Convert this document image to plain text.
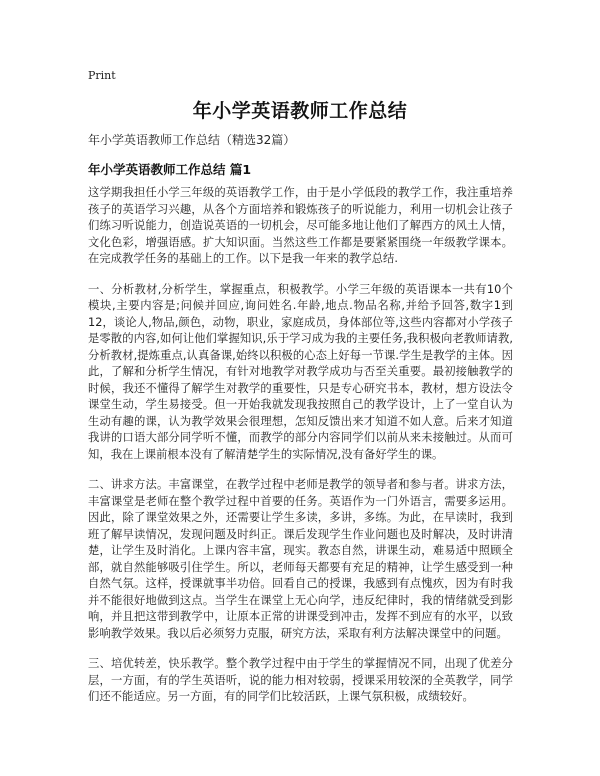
Print
年小学英语教师工作总结
年小学英语教师工作总结（精选32篇）
年小学英语教师工作总结 篇1

这学期我担任小学三年级的英语教学工作，由于是小学低段的教学工作，我注重培养孩子的英语学习兴趣，从各个方面培养和锻炼孩子的听说能力，利用一切机会让孩子们练习听说能力，创造说英语的一切机会，尽可能多地让他们了解西方的风土人情，文化色彩，增强语感。扩大知识面。当然这些工作都是要紧紧围绕一年级教学课本。在完成教学任务的基础上的工作。以下是我一年来的教学总结.

一、分析教材,分析学生，掌握重点，积极教学。小学三年级的英语课本一共有10个模块,主要内容是;问候并回应,询问姓名.年龄,地点.物品名称,并给予回答,数字1到12，谈论人,物品,颜色，动物，职业，家庭成员，身体部位等,这些内容都对小学孩子是零散的内容,如何让他们掌握知识,乐于学习成为我的主要任务,我积极向老教师请教,分析教材,提炼重点,认真备课,始终以积极的心态上好每一节课.学生是教学的主体。因此，了解和分析学生情况，有针对地教学对教学成功与否至关重要。最初接触教学的时候，我还不懂得了解学生对教学的重要性，只是专心研究书本，教材，想方设法令课堂生动，学生易接受。但一开始我就发现我按照自己的教学设计，上了一堂自认为生动有趣的课，认为教学效果会很理想，怎知反馈出来才知道不如人意。后来才知道我讲的口语大部分同学听不懂，而教学的部分内容同学们以前从来未接触过。从而可知，我在上课前根本没有了解清楚学生的实际情况,没有备好学生的课。

二、讲求方法。丰富课堂，在教学过程中老师是教学的领导者和参与者。讲求方法，丰富课堂是老师在整个教学过程中首要的任务。英语作为一门外语言，需要多运用。因此，除了课堂效果之外，还需要让学生多读，多讲，多练。为此，在早读时，我到班了解早读情况，发现问题及时纠正。课后发现学生作业问题也及时解决，及时讲清楚，让学生及时消化。上课内容丰富，现实。教态自然，讲课生动，难易适中照顾全部，就自然能够吸引住学生。所以，老师每天都要有充足的精神，让学生感受到一种自然气氛。这样，授课就事半功倍。回看自己的授课，我感到有点愧疚，因为有时我并不能很好地做到这点。当学生在课堂上无心向学，违反纪律时，我的情绪就受到影响，并且把这带到教学中，让原本正常的讲课受到冲击，发挥不到应有的水平，以致影响教学效果。我以后必须努力克服，研究方法，采取有利方法解决课堂中的问题。

三、培优转差，快乐教学。整个教学过程中由于学生的掌握情况不同，出现了优差分层，一方面，有的学生英语听，说的能力相对较弱，授课采用较深的全英教学，同学们还不能适应。另一方面，有的同学们比较活跃，上课气氛积极，成绩较好。
